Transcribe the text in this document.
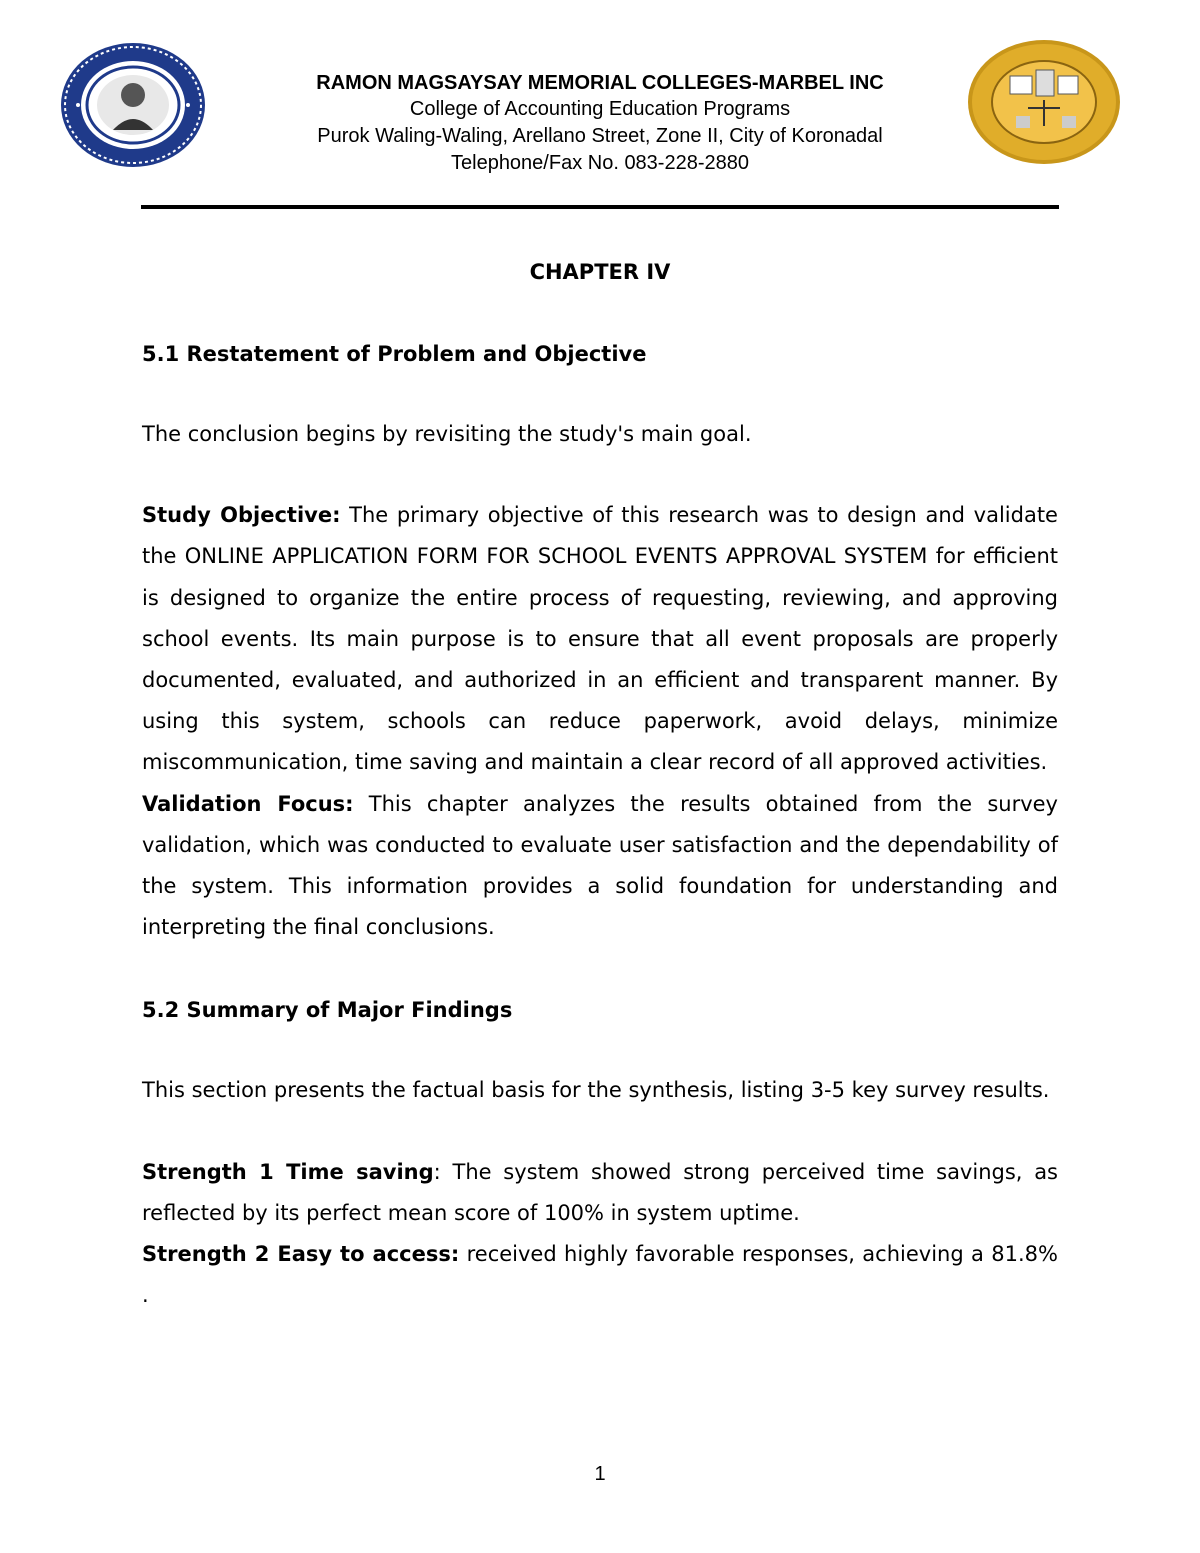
RAMON MAGSAYSAY MEMORIAL COLLEGES-MARBEL INC
College of Accounting Education Programs
Purok Waling-Waling, Arellano Street, Zone II, City of Koronadal
Telephone/Fax No. 083-228-2880
CHAPTER IV
5.1 Restatement of Problem and Objective

The conclusion begins by revisiting the study's main goal.

Study Objective: The primary objective of this research was to design and validate the ONLINE APPLICATION FORM FOR SCHOOL EVENTS APPROVAL SYSTEM for efficient is designed to organize the entire process of requesting, reviewing, and approving school events. Its main purpose is to ensure that all event proposals are properly documented, evaluated, and authorized in an efficient and transparent manner. By using this system, schools can reduce paperwork, avoid delays, minimize miscommunication, time saving and maintain a clear record of all approved activities.

Validation Focus: This chapter analyzes the results obtained from the survey validation, which was conducted to evaluate user satisfaction and the dependability of the system. This information provides a solid foundation for understanding and interpreting the final conclusions.

5.2 Summary of Major Findings

This section presents the factual basis for the synthesis, listing 3-5 key survey results.

Strength 1 Time saving: The system showed strong perceived time savings, as reflected by its perfect mean score of 100% in system uptime.

Strength 2 Easy to access: received highly favorable responses, achieving a 81.8% .

1
